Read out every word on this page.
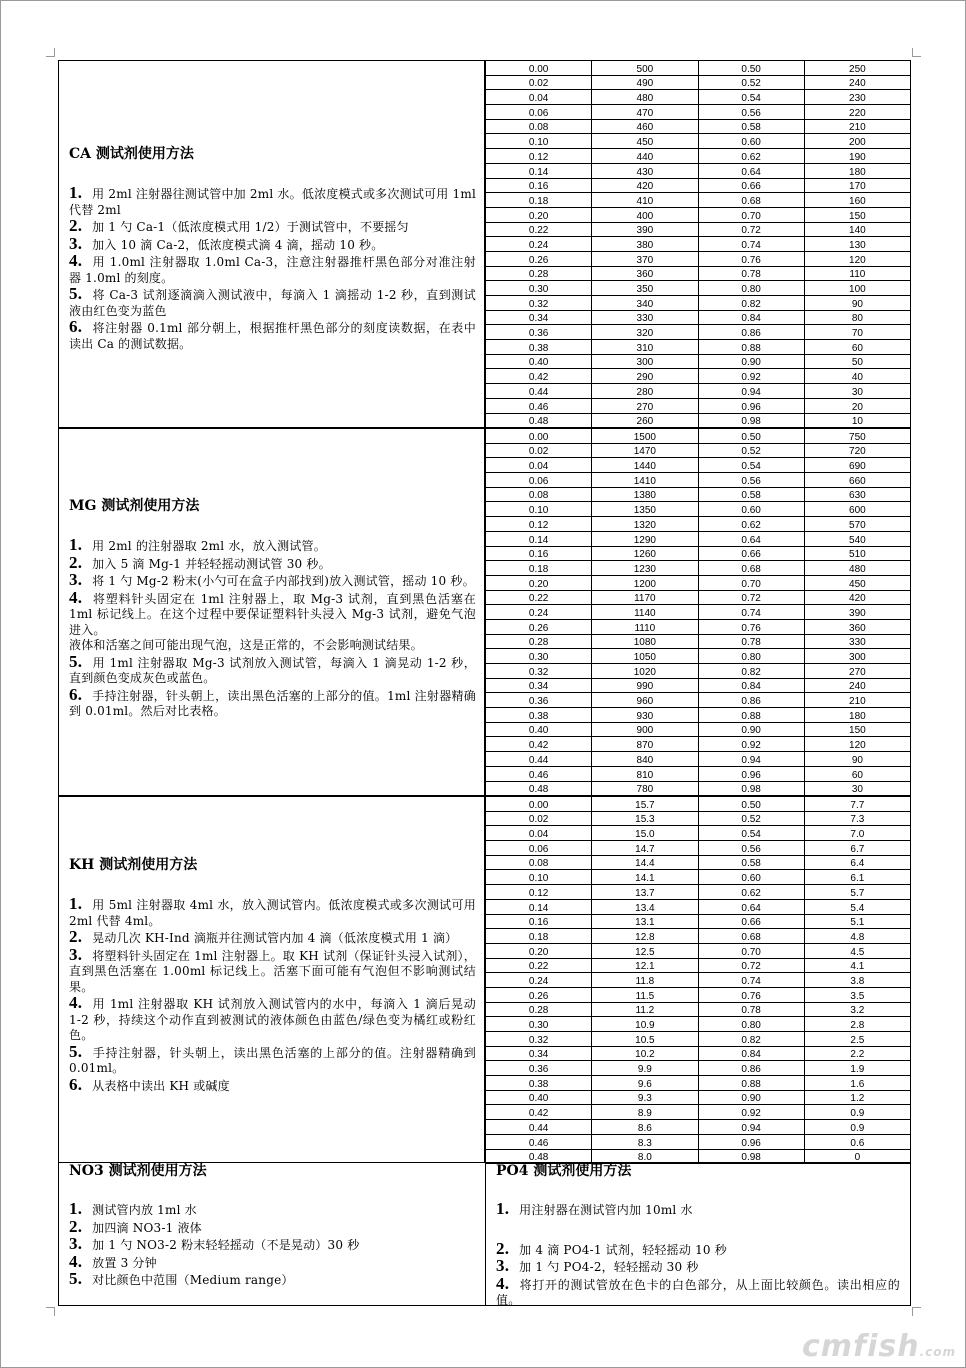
CA 测试剂使用方法
1. 用 2ml 注射器往测试管中加 2ml 水。低浓度模式或多次测试可用 1ml 代替 2ml
2. 加 1 勺 Ca-1（低浓度模式用 1/2）于测试管中，不要摇匀
3. 加入 10 滴 Ca-2，低浓度模式滴 4 滴，摇动 10 秒。
4. 用 1.0ml 注射器取 1.0ml Ca-3，注意注射器推杆黑色部分对准注射器 1.0ml 的刻度。
5. 将 Ca-3 试剂逐滴滴入测试液中，每滴入 1 滴摇动 1-2 秒，直到测试液由红色变为蓝色
6. 将注射器 0.1ml 部分朝上，根据推杆黑色部分的刻度读数据，在表中读出 Ca 的测试数据。
0.00	500	0.50	250
0.02	490	0.52	240
0.04	480	0.54	230
0.06	470	0.56	220
0.08	460	0.58	210
0.10	450	0.60	200
0.12	440	0.62	190
0.14	430	0.64	180
0.16	420	0.66	170
0.18	410	0.68	160
0.20	400	0.70	150
0.22	390	0.72	140
0.24	380	0.74	130
0.26	370	0.76	120
0.28	360	0.78	110
0.30	350	0.80	100
0.32	340	0.82	90
0.34	330	0.84	80
0.36	320	0.86	70
0.38	310	0.88	60
0.40	300	0.90	50
0.42	290	0.92	40
0.44	280	0.94	30
0.46	270	0.96	20
0.48	260	0.98	10
MG 测试剂使用方法
1. 用 2ml 的注射器取 2ml 水，放入测试管。
2. 加入 5 滴 Mg-1 并轻轻摇动测试管 30 秒。
3. 将 1 勺 Mg-2 粉末(小勺可在盒子内部找到)放入测试管，摇动 10 秒。
4. 将塑料针头固定在 1ml 注射器上，取 Mg-3 试剂，直到黑色活塞在 1ml 标记线上。在这个过程中要保证塑料针头浸入 Mg-3 试剂，避免气泡进入。
液体和活塞之间可能出现气泡，这是正常的，不会影响测试结果。
5. 用 1ml 注射器取 Mg-3 试剂放入测试管，每滴入 1 滴晃动 1-2 秒，直到颜色变成灰色或蓝色。
6. 手持注射器，针头朝上，读出黑色活塞的上部分的值。1ml 注射器精确到 0.01ml。然后对比表格。
0.00	1500	0.50	750
0.02	1470	0.52	720
0.04	1440	0.54	690
0.06	1410	0.56	660
0.08	1380	0.58	630
0.10	1350	0.60	600
0.12	1320	0.62	570
0.14	1290	0.64	540
0.16	1260	0.66	510
0.18	1230	0.68	480
0.20	1200	0.70	450
0.22	1170	0.72	420
0.24	1140	0.74	390
0.26	1110	0.76	360
0.28	1080	0.78	330
0.30	1050	0.80	300
0.32	1020	0.82	270
0.34	990	0.84	240
0.36	960	0.86	210
0.38	930	0.88	180
0.40	900	0.90	150
0.42	870	0.92	120
0.44	840	0.94	90
0.46	810	0.96	60
0.48	780	0.98	30
KH 测试剂使用方法
1. 用 5ml 注射器取 4ml 水，放入测试管内。低浓度模式或多次测试可用 2ml 代替 4ml。
2. 晃动几次 KH-Ind 滴瓶并往测试管内加 4 滴（低浓度模式用 1 滴）
3. 将塑料针头固定在 1ml 注射器上。取 KH 试剂（保证针头浸入试剂），直到黑色活塞在 1.00ml 标记线上。活塞下面可能有气泡但不影响测试结果。
4. 用 1ml 注射器取 KH 试剂放入测试管内的水中，每滴入 1 滴后晃动 1-2 秒，持续这个动作直到被测试的液体颜色由蓝色/绿色变为橘红或粉红色。
5. 手持注射器，针头朝上，读出黑色活塞的上部分的值。注射器精确到 0.01ml。
6. 从表格中读出 KH 或碱度
0.00	15.7	0.50	7.7
0.02	15.3	0.52	7.3
0.04	15.0	0.54	7.0
0.06	14.7	0.56	6.7
0.08	14.4	0.58	6.4
0.10	14.1	0.60	6.1
0.12	13.7	0.62	5.7
0.14	13.4	0.64	5.4
0.16	13.1	0.66	5.1
0.18	12.8	0.68	4.8
0.20	12.5	0.70	4.5
0.22	12.1	0.72	4.1
0.24	11.8	0.74	3.8
0.26	11.5	0.76	3.5
0.28	11.2	0.78	3.2
0.30	10.9	0.80	2.8
0.32	10.5	0.82	2.5
0.34	10.2	0.84	2.2
0.36	9.9	0.86	1.9
0.38	9.6	0.88	1.6
0.40	9.3	0.90	1.2
0.42	8.9	0.92	0.9
0.44	8.6	0.94	0.9
0.46	8.3	0.96	0.6
0.48	8.0	0.98	0
NO3 测试剂使用方法
1. 测试管内放 1ml 水
2. 加四滴 NO3-1 液体
3. 加 1 勺 NO3-2 粉末轻轻摇动（不是晃动）30 秒
4. 放置 3 分钟
5. 对比颜色中范围（Medium range）
PO4 测试剂使用方法
1. 用注射器在测试管内加 10ml 水
2. 加 4 滴 PO4-1 试剂，轻轻摇动 10 秒
3. 加 1 勺 PO4-2，轻轻摇动 30 秒
4. 将打开的测试管放在色卡的白色部分，从上面比较颜色。读出相应的值。
cmfish.com
